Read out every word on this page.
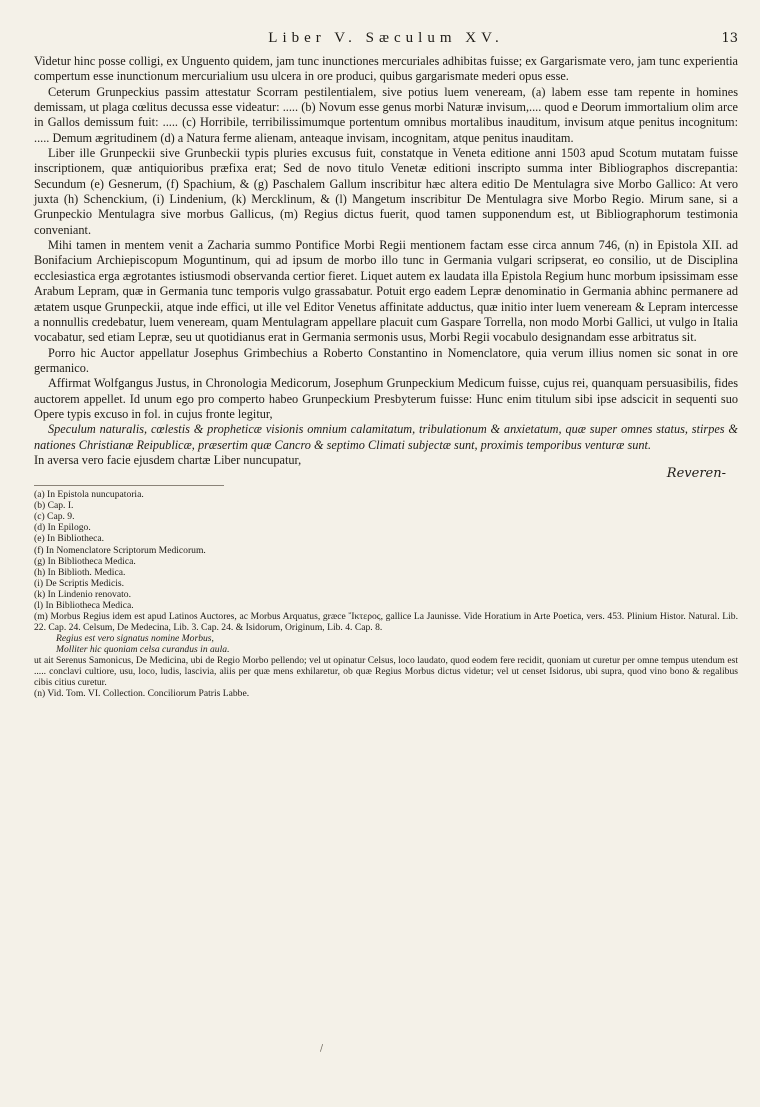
Liber V. Sæculum XV.	13

Videtur hinc posse colligi, ex Unguento quidem, jam tunc inunctiones mercuriales adhibitas fuisse; ex Gargarismate vero, jam tunc experientia compertum esse inunctionum mercurialium usu ulcera in ore produci, quibus gargarismate mederi opus esse.

Ceterum Grunpeckius passim attestatur Scorram pestilentialem, sive potius luem veneream, (a) labem esse tam repente in homines demissam, ut plaga cœlitus decussa esse videatur: ..... (b) Novum esse genus morbi Naturæ invisum,.... quod e Deorum immortalium olim arce in Gallos demissum fuit: ..... (c) Horribile, terribilissimumque portentum omnibus mortalibus inauditum, invisum atque penitus incognitum: ..... Demum ægritudinem (d) a Natura ferme alienam, anteaque invisam, incognitam, atque penitus inauditam.

Liber ille Grunpeckii sive Grunbeckii typis pluries excusus fuit, constatque in Veneta editione anni 1503 apud Scotum mutatam fuisse inscriptionem, quæ antiquioribus præfixa erat; Sed de novo titulo Venetæ editioni inscripto summa inter Bibliographos discrepantia: Secundum (e) Gesnerum, (f) Spachium, & (g) Paschalem Gallum inscribitur hæc altera editio De Mentulagra sive Morbo Gallico: At vero juxta (h) Schenckium, (i) Lindenium, (k) Mercklinum, & (l) Mangetum inscribitur De Mentulagra sive Morbo Regio. Mirum sane, si a Grunpeckio Mentulagra sive morbus Gallicus, (m) Regius dictus fuerit, quod tamen supponendum est, ut Bibliographorum testimonia conveniant.

Mihi tamen in mentem venit a Zacharia summo Pontifice Morbi Regii mentionem factam esse circa annum 746, (n) in Epistola XII. ad Bonifacium Archiepiscopum Moguntinum, qui ad ipsum de morbo illo tunc in Germania vulgari scripserat, eo consilio, ut de Disciplina ecclesiastica erga ægrotantes istiusmodi observanda certior fieret. Liquet autem ex laudata illa Epistola Regium hunc morbum ipsissimam esse Arabum Lepram, quæ in Germania tunc temporis vulgo grassabatur. Potuit ergo eadem Lepræ denominatio in Germania abhinc permanere ad ætatem usque Grunpeckii, atque inde effici, ut ille vel Editor Venetus affinitate adductus, quæ initio inter luem veneream & Lepram intercesse a nonnullis credebatur, luem veneream, quam Mentulagram appellare placuit cum Gaspare Torrella, non modo Morbi Gallici, ut vulgo in Italia vocabatur, sed etiam Lepræ, seu ut quotidianus erat in Germania sermonis usus, Morbi Regii vocabulo designandam esse arbitratus sit.

Porro hic Auctor appellatur Josephus Grimbechius a Roberto Constantino in Nomenclatore, quia verum illius nomen sic sonat in ore germanico.

Affirmat Wolfgangus Justus, in Chronologia Medicorum, Josephum Grunpeckium Medicum fuisse, cujus rei, quanquam persuasibilis, fides auctorem appellet. Id unum ego pro comperto habeo Grunpeckium Presbyterum fuisse: Hunc enim titulum sibi ipse adscicit in sequenti suo Opere typis excuso in fol. in cujus fronte legitur,

Speculum naturalis, cœlestis & propheticæ visionis omnium calamitatum, tribulationum & anxietatum, quæ super omnes status, stirpes & nationes Christianæ Reipublicæ, præsertim quæ Cancro & septimo Climati subjectæ sunt, proximis temporibus venturæ sunt.

In aversa vero facie ejusdem chartæ Liber nuncupatur,

Reveren-
(a) In Epistola nuncupatoria.
(b) Cap. I.
(c) Cap. 9.
(d) In Epilogo.
(e) In Bibliotheca.
(f) In Nomenclatore Scriptorum Medicorum.
(g) In Bibliotheca Medica.
(h) In Biblioth. Medica.
(i) De Scriptis Medicis.
(k) In Lindenio renovato.
(l) In Bibliotheca Medica.
(m) Morbus Regius idem est apud Latinos Auctores, ac Morbus Arquatus, græce Ἴκτερος, gallice La Jaunisse. Vide Horatium in Arte Poetica, vers. 453. Plinium Histor. Natural. Lib. 22. Cap. 24. Celsum, De Medecina, Lib. 3. Cap. 24. & Isidorum, Originum, Lib. 4. Cap. 8.
Regius est vero signatus nomine Morbus,
Molliter hic quoniam celsa curandus in aula.
ut ait Serenus Samonicus, De Medicina, ubi de Regio Morbo pellendo; vel ut opinatur Celsus, loco laudato, quod eodem fere recidit, quoniam ut curetur per omne tempus utendum est ..... conclavi cultiore, usu, loco, ludis, lascivia, aliis per quæ mens exhilaretur, ob quæ Regius Morbus dictus videtur; vel ut censet Isidorus, ubi supra, quod vino bono & regalibus cibis citius curetur.
(n) Vid. Tom. VI. Collection. Conciliorum Patris Labbe.
/
